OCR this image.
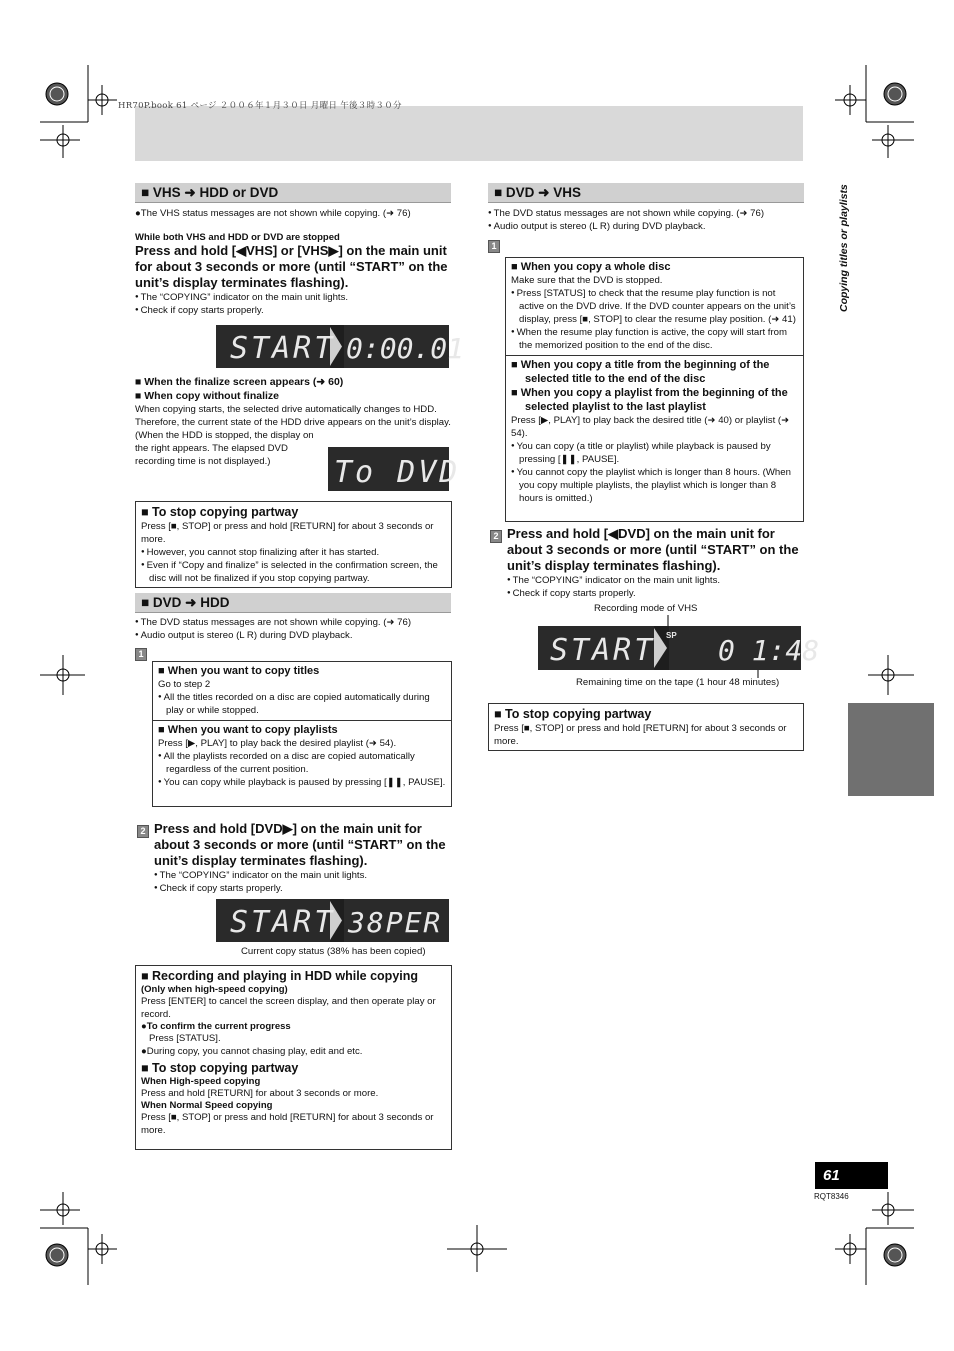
HR70P.book 61 ページ ２００６年１月３０日 月曜日 午後３時３０分
■ VHS ➜ HDD or DVD
●The VHS status messages are not shown while copying. (➜ 76)
While both VHS and HDD or DVD are stopped
Press and hold [◀VHS] or [VHS▶] on the main unit for about 3 seconds or more (until “START” on the unit’s display terminates flashing).
● The “COPYING” indicator on the main unit lights.
● Check if copy starts properly.
START 0:00.01
■ When the finalize screen appears (➜ 60)
■ When copy without finalize
When copying starts, the selected drive automatically changes to HDD. Therefore, the current state of the HDD drive appears on the unit’s display.
(When the HDD is stopped, the display on the right appears. The elapsed DVD recording time is not displayed.)	To DVD
■ To stop copying partway
Press [■, STOP] or press and hold [RETURN] for about 3 seconds or more.
● However, you cannot stop finalizing after it has started.
● Even if “Copy and finalize” is selected in the confirmation screen, the disc will not be finalized if you stop copying partway.
■ DVD ➜ HDD
● The DVD status messages are not shown while copying. (➜ 76)
● Audio output is stereo (L R) during DVD playback.
1
■ When you want to copy titles
Go to step 2
● All the titles recorded on a disc are copied automatically during play or while stopped.
■ When you want to copy playlists
Press [▶, PLAY] to play back the desired playlist (➜ 54).
● All the playlists recorded on a disc are copied automatically regardless of the current position.
● You can copy while playback is paused by pressing [❚❚, PAUSE].
2 Press and hold [DVD▶] on the main unit for about 3 seconds or more (until “START” on the unit’s display terminates flashing).
● The “COPYING” indicator on the main unit lights.
● Check if copy starts properly.
START 38PER
Current copy status (38% has been copied)
■ Recording and playing in HDD while copying
(Only when high-speed copying)
Press [ENTER] to cancel the screen display, and then operate play or record.
●To confirm the current progress
Press [STATUS].
●During copy, you cannot chasing play, edit and etc.
■ To stop copying partway
When High-speed copying
Press and hold [RETURN] for about 3 seconds or more.
When Normal Speed copying
Press [■, STOP] or press and hold [RETURN] for about 3 seconds or more.
■ DVD ➜ VHS
● The DVD status messages are not shown while copying. (➜ 76)
● Audio output is stereo (L R) during DVD playback.
1
■ When you copy a whole disc
Make sure that the DVD is stopped.
● Press [STATUS] to check that the resume play function is not active on the DVD drive. If the DVD counter appears on the unit’s display, press [■, STOP] to clear the resume play position. (➜ 41)
● When the resume play function is active, the copy will start from the memorized position to the end of the disc.
■ When you copy a title from the beginning of the selected title to the end of the disc
■ When you copy a playlist from the beginning of the selected playlist to the last playlist
Press [▶, PLAY] to play back the desired title (➜ 40) or playlist (➜ 54).
● You can copy (a title or playlist) while playback is paused by pressing [❚❚, PAUSE].
● You cannot copy the playlist which is longer than 8 hours. (When you copy multiple playlists, the playlist which is longer than 8 hours is omitted.)
2 Press and hold [◀DVD] on the main unit for about 3 seconds or more (until “START” on the unit’s display terminates flashing).
● The “COPYING” indicator on the main unit lights.
● Check if copy starts properly.
Recording mode of VHS
START SP 0 1:48
Remaining time on the tape (1 hour 48 minutes)
■ To stop copying partway
Press [■, STOP] or press and hold [RETURN] for about 3 seconds or more.
Copying titles or playlists
61
RQT8346
